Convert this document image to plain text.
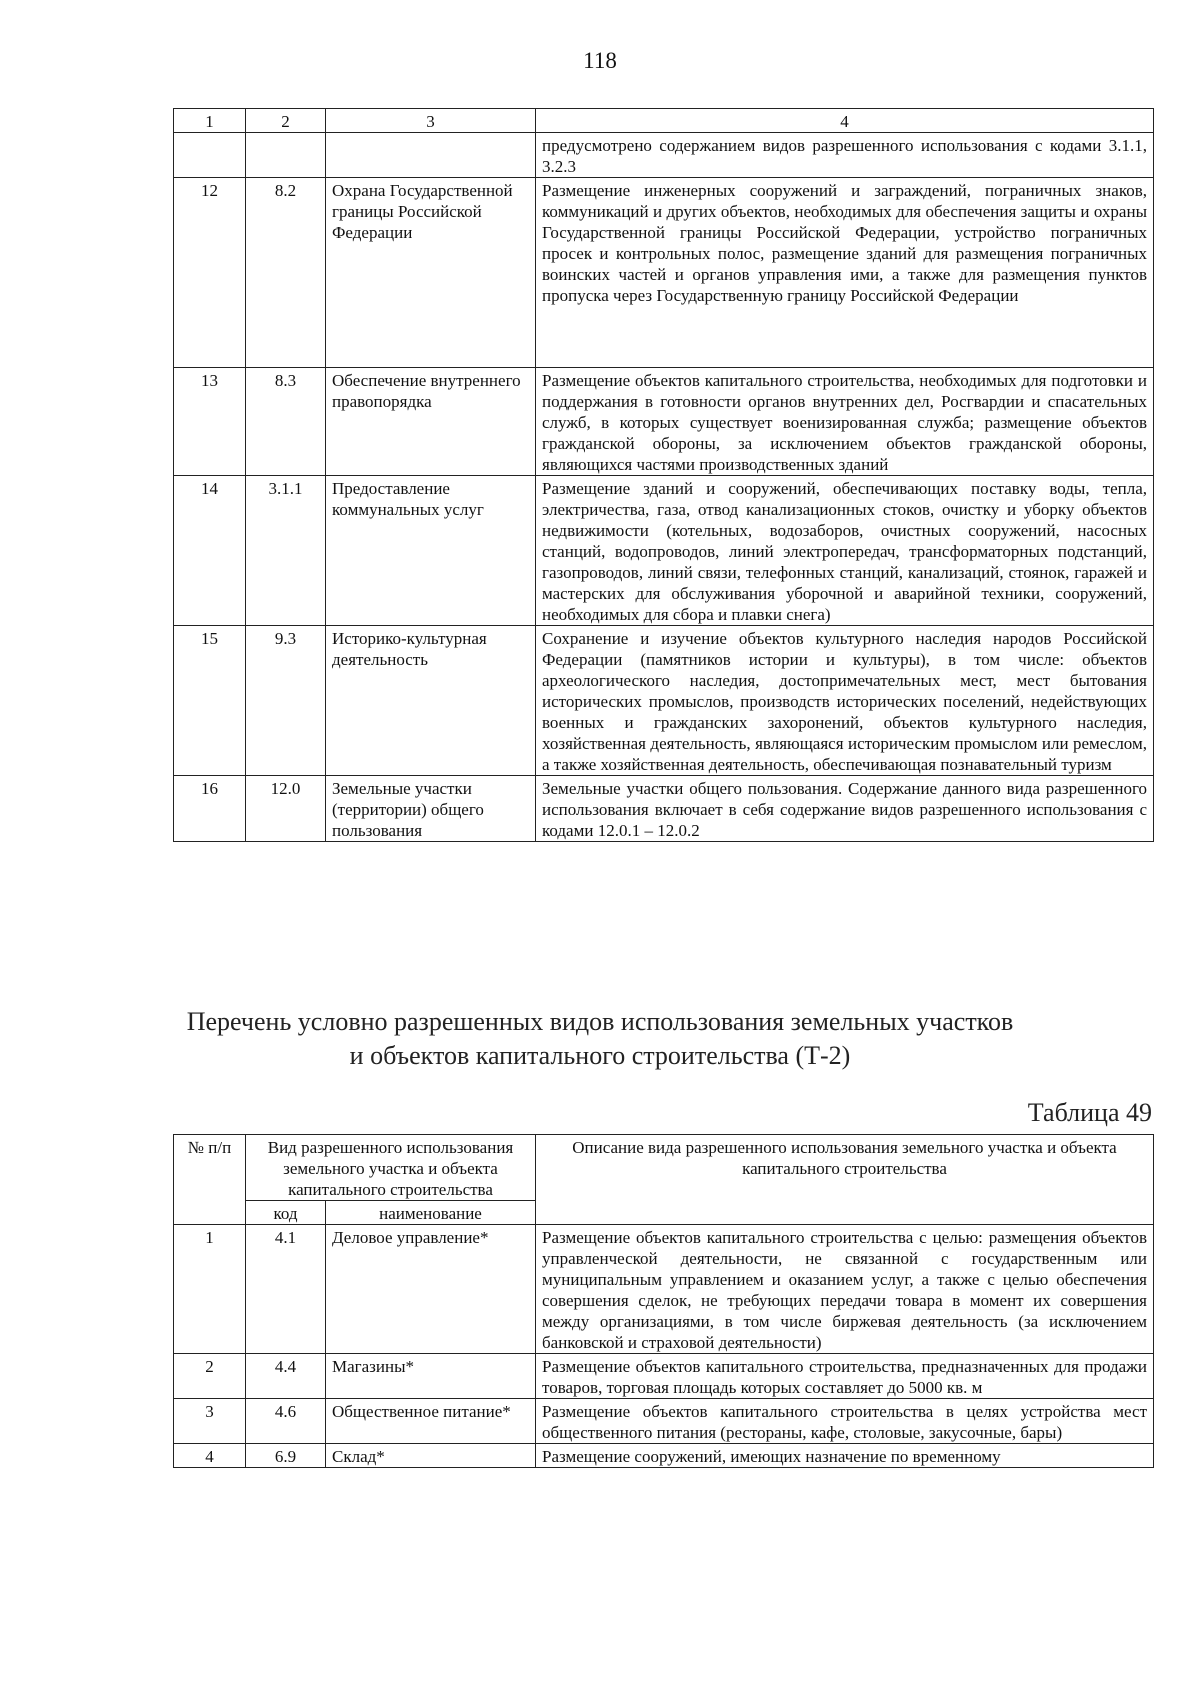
118
1	2	3	4
			предусмотрено содержанием видов разрешенного использования с кодами 3.1.1, 3.2.3
12	8.2	Охрана Государственной границы Российской Федерации	Размещение инженерных сооружений и заграждений, пограничных знаков, коммуникаций и других объектов, необходимых для обеспечения защиты и охраны Государственной границы Российской Федерации, устройство пограничных просек и контрольных полос, размещение зданий для размещения пограничных воинских частей и органов управления ими, а также для размещения пунктов пропуска через Государственную границу Российской Федерации
13	8.3	Обеспечение внутреннего правопорядка	Размещение объектов капитального строительства, необходимых для подготовки и поддержания в готовности органов внутренних дел, Росгвардии и спасательных служб, в которых существует военизированная служба; размещение объектов гражданской обороны, за исключением объектов гражданской обороны, являющихся частями производственных зданий
14	3.1.1	Предоставление коммунальных услуг	Размещение зданий и сооружений, обеспечивающих поставку воды, тепла, электричества, газа, отвод канализационных стоков, очистку и уборку объектов недвижимости (котельных, водозаборов, очистных сооружений, насосных станций, водопроводов, линий электропередач, трансформаторных подстанций, газопроводов, линий связи, телефонных станций, канализаций, стоянок, гаражей и мастерских для обслуживания уборочной и аварийной техники, сооружений, необходимых для сбора и плавки снега)
15	9.3	Историко-культурная деятельность	Сохранение и изучение объектов культурного наследия народов Российской Федерации (памятников истории и культуры), в том числе: объектов археологического наследия, достопримечательных мест, мест бытования исторических промыслов, производств исторических поселений, недействующих военных и гражданских захоронений, объектов культурного наследия, хозяйственная деятельность, являющаяся историческим промыслом или ремеслом, а также хозяйственная деятельность, обеспечивающая познавательный туризм
16	12.0	Земельные участки (территории) общего пользования	Земельные участки общего пользования. Содержание данного вида разрешенного использования включает в себя содержание видов разрешенного использования с кодами 12.0.1 – 12.0.2
Перечень условно разрешенных видов использования земельных участков
и объектов капитального строительства (Т-2)
Таблица 49
№ п/п	Вид разрешенного использования земельного участка и объекта капитального строительства		Описание вида разрешенного использования земельного участка и объекта капитального строительства
	код	наименование	
1	4.1	Деловое управление*	Размещение объектов капитального строительства с целью: размещения объектов управленческой деятельности, не связанной с государственным или муниципальным управлением и оказанием услуг, а также с целью обеспечения совершения сделок, не требующих передачи товара в момент их совершения между организациями, в том числе биржевая деятельность (за исключением банковской и страховой деятельности)
2	4.4	Магазины*	Размещение объектов капитального строительства, предназначенных для продажи товаров, торговая площадь которых составляет до 5000 кв. м
3	4.6	Общественное питание*	Размещение объектов капитального строительства в целях устройства мест общественного питания (рестораны, кафе, столовые, закусочные, бары)
4	6.9	Склад*	Размещение сооружений, имеющих назначение по временному
